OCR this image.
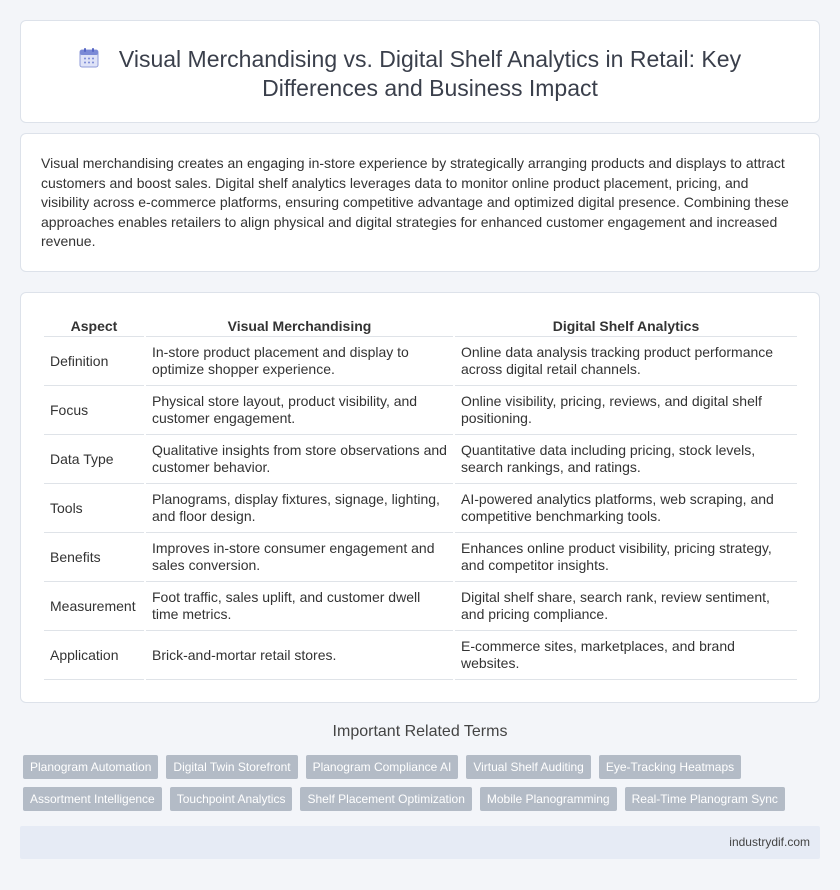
Visual Merchandising vs. Digital Shelf Analytics in Retail: Key Differences and Business Impact

Visual merchandising creates an engaging in-store experience by strategically arranging products and displays to attract customers and boost sales. Digital shelf analytics leverages data to monitor online product placement, pricing, and visibility across e-commerce platforms, ensuring competitive advantage and optimized digital presence. Combining these approaches enables retailers to align physical and digital strategies for enhanced customer engagement and increased revenue.

Aspect	Visual Merchandising	Digital Shelf Analytics
Definition	In-store product placement and display to optimize shopper experience.	Online data analysis tracking product performance across digital retail channels.
Focus	Physical store layout, product visibility, and customer engagement.	Online visibility, pricing, reviews, and digital shelf positioning.
Data Type	Qualitative insights from store observations and customer behavior.	Quantitative data including pricing, stock levels, search rankings, and ratings.
Tools	Planograms, display fixtures, signage, lighting, and floor design.	AI-powered analytics platforms, web scraping, and competitive benchmarking tools.
Benefits	Improves in-store consumer engagement and sales conversion.	Enhances online product visibility, pricing strategy, and competitor insights.
Measurement	Foot traffic, sales uplift, and customer dwell time metrics.	Digital shelf share, search rank, review sentiment, and pricing compliance.
Application	Brick-and-mortar retail stores.	E-commerce sites, marketplaces, and brand websites.
Important Related Terms
Planogram Automation	Digital Twin Storefront	Planogram Compliance AI	Virtual Shelf Auditing	Eye-Tracking Heatmaps
Assortment Intelligence	Touchpoint Analytics	Shelf Placement Optimization	Mobile Planogramming	Real-Time Planogram Sync
industrydif.com
